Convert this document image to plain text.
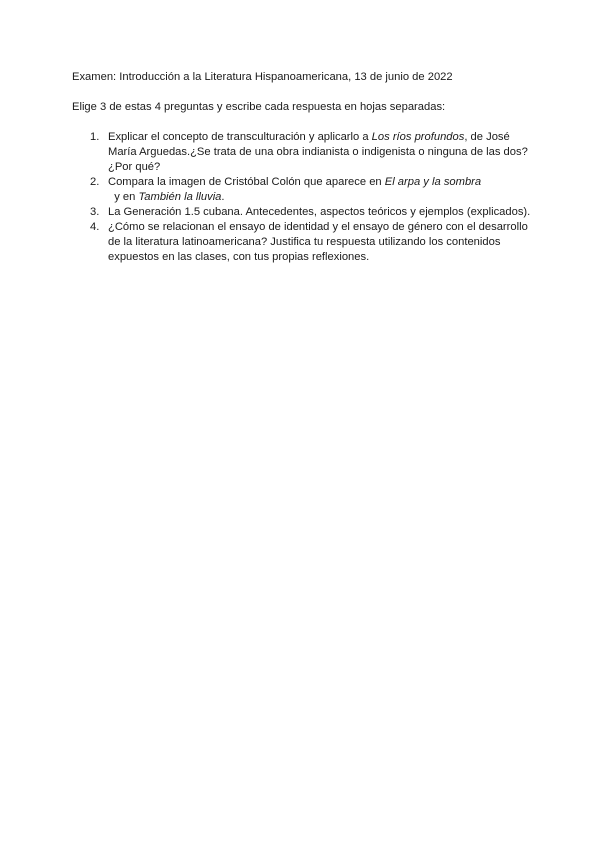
Examen: Introducción a la Literatura Hispanoamericana, 13 de junio de 2022
Elige 3 de estas 4 preguntas y escribe cada respuesta en hojas separadas:
1. Explicar el concepto de transculturación y aplicarlo a Los ríos profundos, de José María Arguedas.¿Se trata de una obra indianista o indigenista o ninguna de las dos? ¿Por qué?
2. Compara la imagen de Cristóbal Colón que aparece en El arpa y la sombra  y en También la lluvia.
3. La Generación 1.5 cubana. Antecedentes, aspectos teóricos y ejemplos (explicados).
4. ¿Cómo se relacionan el ensayo de identidad y el ensayo de género con el desarrollo de la literatura latinoamericana? Justifica tu respuesta utilizando los contenidos expuestos en las clases, con tus propias reflexiones.
